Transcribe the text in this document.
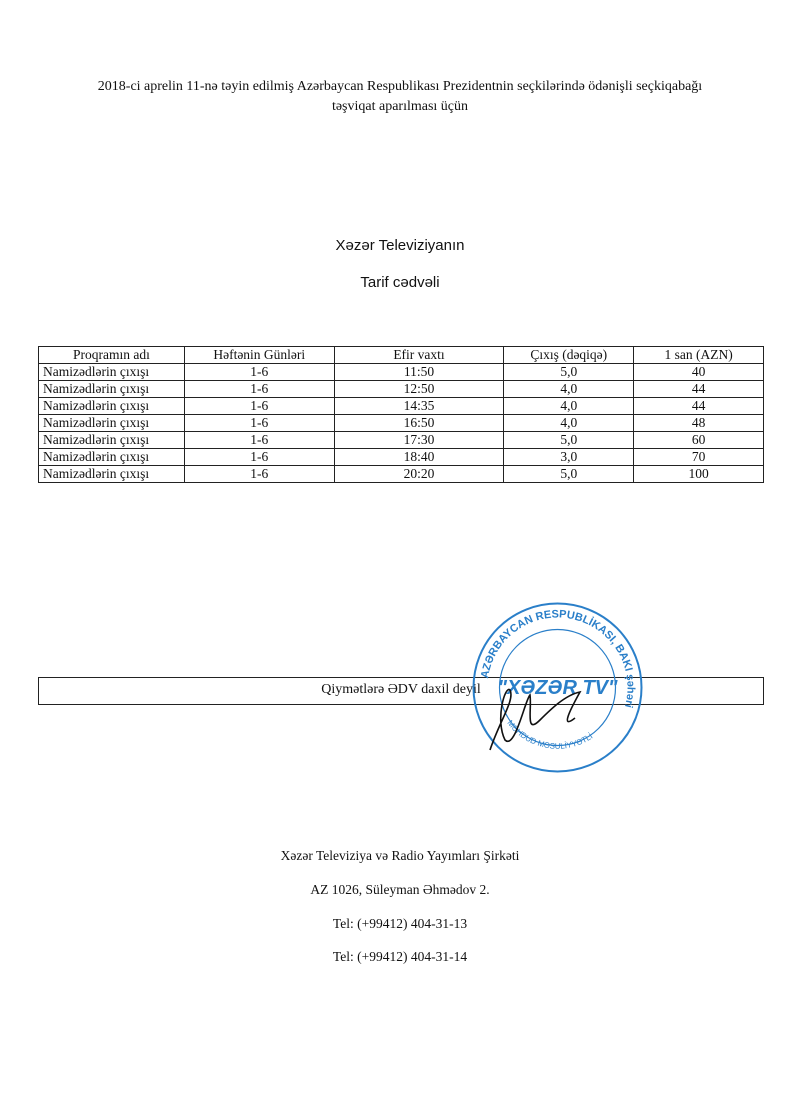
2018-ci aprelin 11-nə təyin edilmiş Azərbaycan Respublikası Prezidentnin seçkilərində ödənişli seçkiqabağı
təşviqat aparılması üçün
Xəzər Televiziyanın
Tarif cədvəli
Proqramın adı	Həftənin Günləri	Efir vaxtı	Çıxış (dəqiqə)	1 san (AZN)
Namizədlərin çıxışı	1-6	11:50	5,0	40
Namizədlərin çıxışı	1-6	12:50	4,0	44
Namizədlərin çıxışı	1-6	14:35	4,0	44
Namizədlərin çıxışı	1-6	16:50	4,0	48
Namizədlərin çıxışı	1-6	17:30	5,0	60
Namizədlərin çıxışı	1-6	18:40	3,0	70
Namizədlərin çıxışı	1-6	20:20	5,0	100
Qiymətlərə ƏDV daxil deyil
AZƏRBAYCAN RESPUBLİKASI, BAKI şəhəri
MƏHDUD MƏSULİYYƏTLİ
"XƏZƏR TV"
Xəzər Televiziya və Radio Yayımları Şirkəti
AZ 1026, Süleyman Əhmədov 2.
Tel: (+99412) 404-31-13
Tel: (+99412) 404-31-14
